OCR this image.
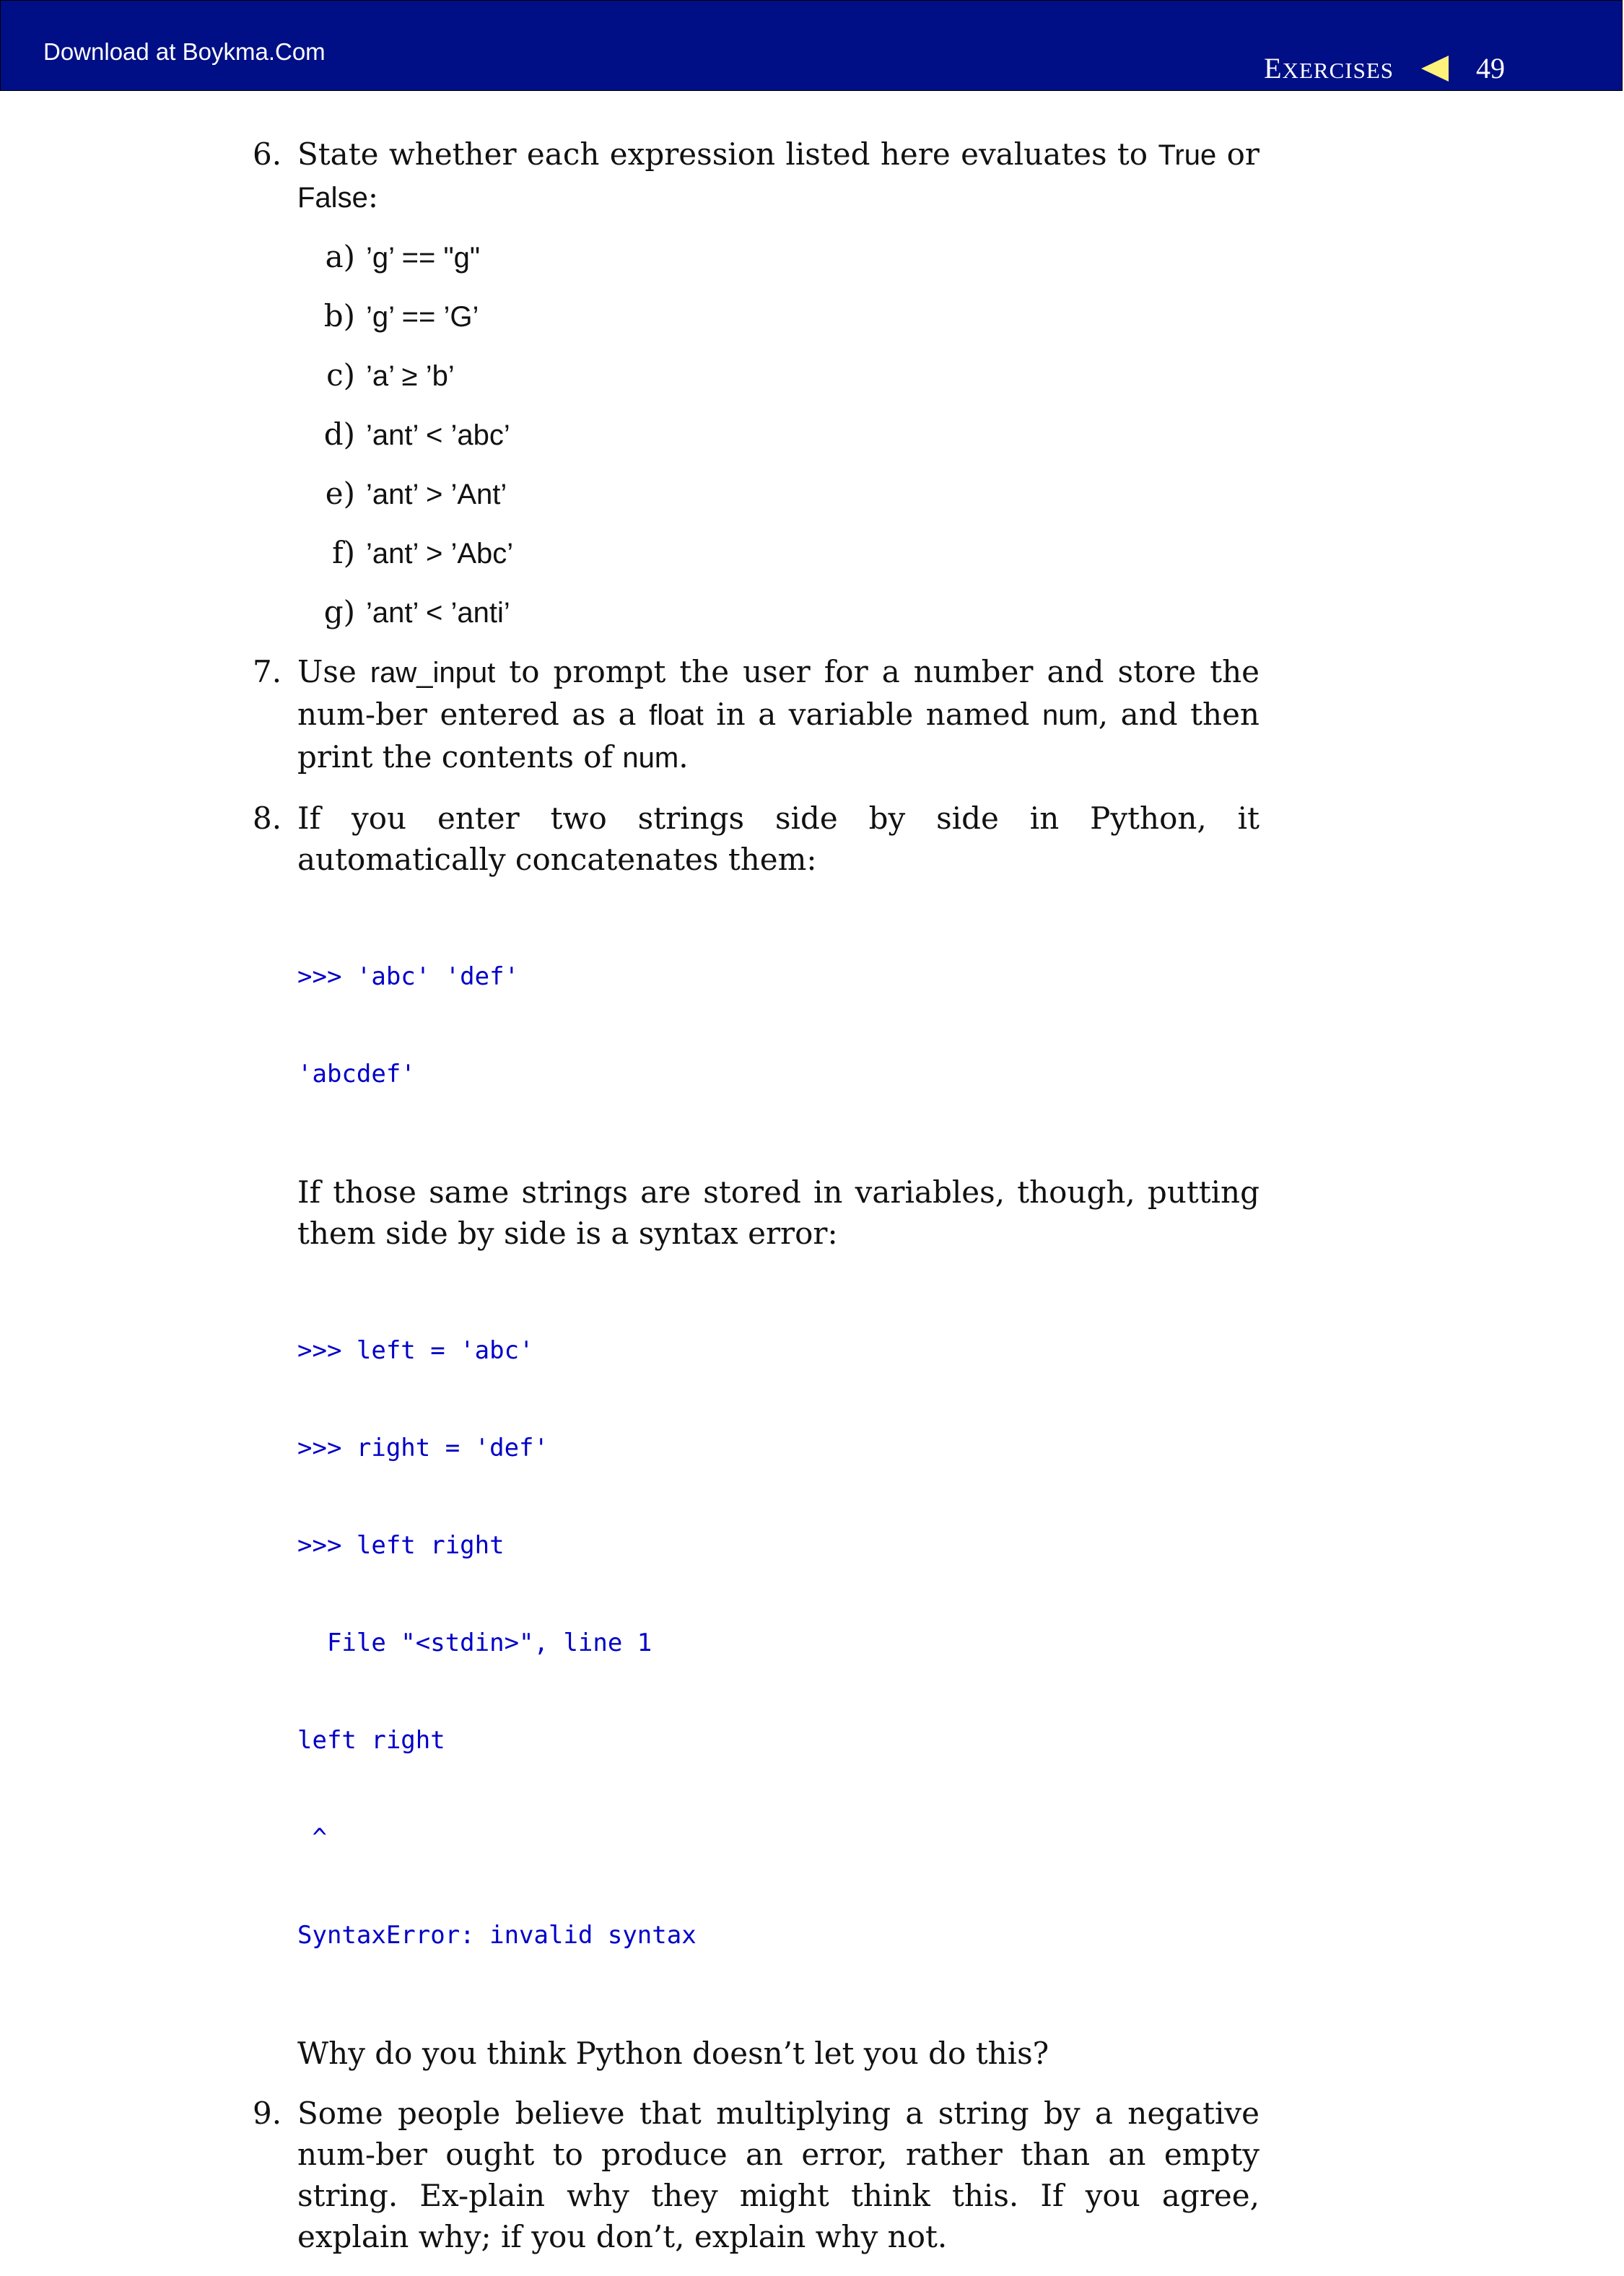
Download at Boykma.Com
EXERCISES	49
6. State whether each expression listed here evaluates to True or False:
a) ’g’ == "g"
b) ’g’ == ’G’
c) ’a’ ≥ ’b’
d) ’ant’ < ’abc’
e) ’ant’ > ’Ant’
f) ’ant’ > ’Abc’
g) ’ant’ < ’anti’
7. Use raw_input to prompt the user for a number and store the num-ber entered as a float in a variable named num, and then print the contents of num.
8. If you enter two strings side by side in Python, it automatically concatenates them:

>>> 'abc' 'def'

'abcdef'

If those same strings are stored in variables, though, putting them side by side is a syntax error:

>>> left = 'abc'

>>> right = 'def'

>>> left right

File "<stdin>", line 1

left right

^

SyntaxError: invalid syntax

Why do you think Python doesn’t let you do this?
9. Some people believe that multiplying a string by a negative num-ber ought to produce an error, rather than an empty string. Ex-plain why they might think this. If you agree, explain why; if you don’t, explain why not.
